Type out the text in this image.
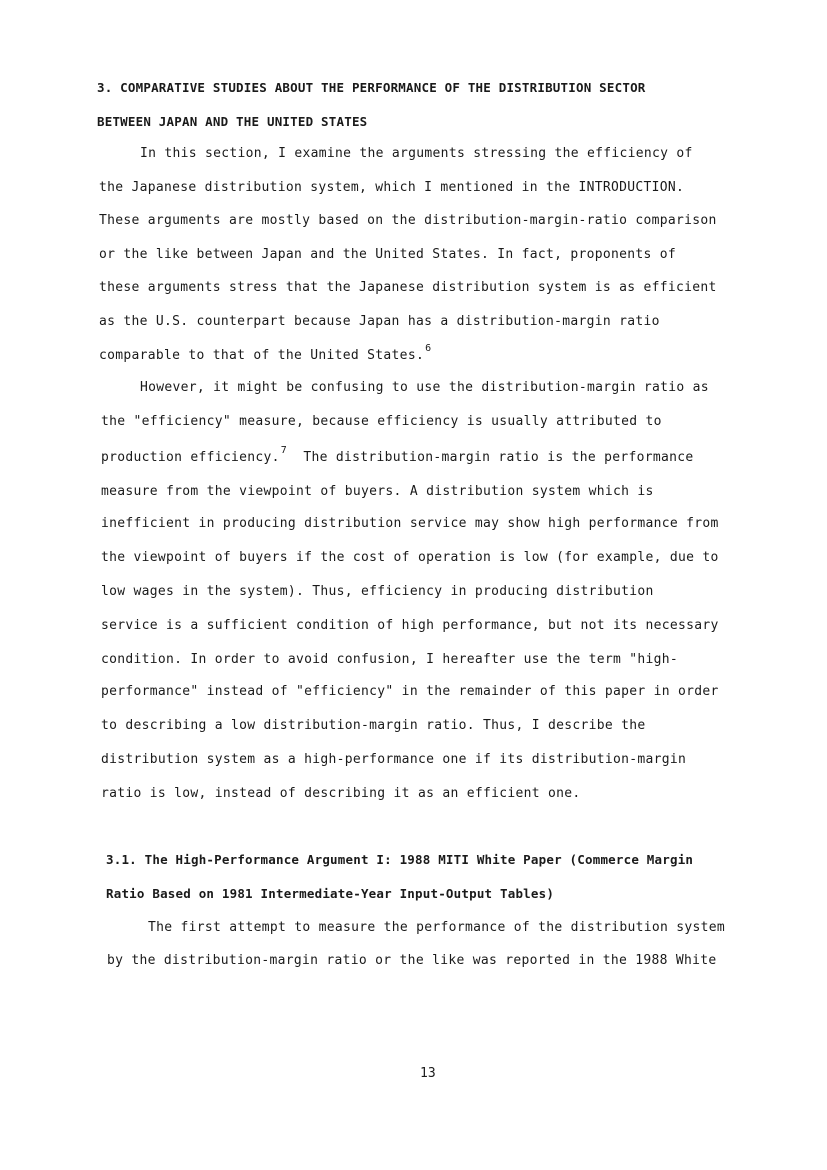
3. COMPARATIVE STUDIES ABOUT THE PERFORMANCE OF THE DISTRIBUTION SECTOR
BETWEEN JAPAN AND THE UNITED STATES
In this section, I examine the arguments stressing the efficiency of
the Japanese distribution system, which I mentioned in the INTRODUCTION.
These arguments are mostly based on the distribution-margin-ratio comparison
or the like between Japan and the United States. In fact, proponents of
these arguments stress that the Japanese distribution system is as efficient
as the U.S. counterpart because Japan has a distribution-margin ratio
comparable to that of the United States.$^6$
However, it might be confusing to use the distribution-margin ratio as
the "efficiency" measure, because efficiency is usually attributed to
production efficiency.$^7$ The distribution-margin ratio is the performance
measure from the viewpoint of buyers. A distribution system which is
inefficient in producing distribution service may show high performance from
the viewpoint of buyers if the cost of operation is low (for example, due to
low wages in the system). Thus, efficiency in producing distribution
service is a sufficient condition of high performance, but not its necessary
condition. In order to avoid confusion, I hereafter use the term "high-
performance" instead of "efficiency" in the remainder of this paper in order
to describing a low distribution-margin ratio. Thus, I describe the
distribution system as a high-performance one if its distribution-margin
ratio is low, instead of describing it as an efficient one.
3.1. The High-Performance Argument I: 1988 MITI White Paper (Commerce Margin
Ratio Based on 1981 Intermediate-Year Input-Output Tables)
The first attempt to measure the performance of the distribution system
by the distribution-margin ratio or the like was reported in the 1988 White
13
